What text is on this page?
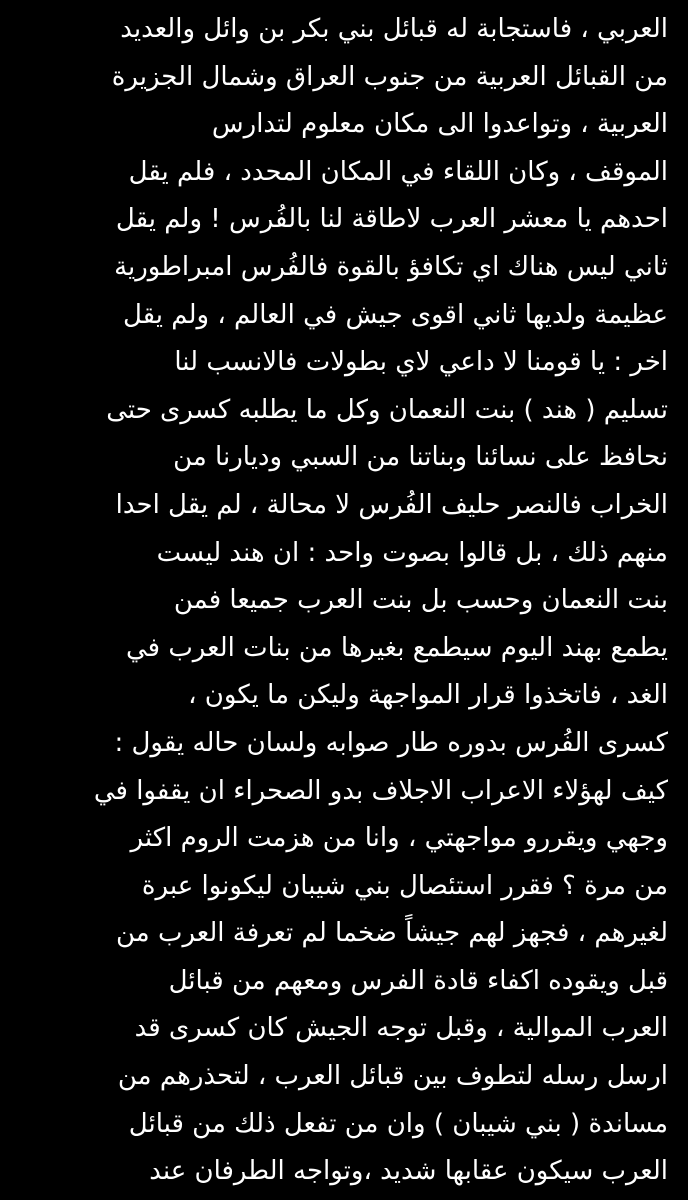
العربي ، فاستجابة له قبائل بني بكر بن وائل والعديد
من القبائل العربية من جنوب العراق وشمال الجزيرة
العربية ، وتواعدوا الى مكان معلوم لتدارس
الموقف ، وكان اللقاء في المكان المحدد ، فلم يقل
احدهم يا معشر العرب لاطاقة لنا بالفُرس ! ولم يقل
ثاني ليس هناك اي تكافؤ بالقوة فالفُرس امبراطورية
عظيمة ولديها ثاني اقوى جيش في العالم ، ولم يقل
اخر : يا قومنا لا داعي لاي بطولات فالانسب لنا
تسليم ( هند ) بنت النعمان وكل ما يطلبه كسرى حتى
نحافظ على نسائنا وبناتنا من السبي وديارنا من
الخراب فالنصر حليف الفُرس لا محالة ، لم يقل احدا
منهم ذلك ، بل قالوا بصوت واحد : ان هند ليست
بنت النعمان وحسب بل بنت العرب جميعا فمن
يطمع بهند اليوم سيطمع بغيرها من بنات العرب في
الغد ، فاتخذوا قرار المواجهة وليكن ما يكون ،
كسرى الفُرس بدوره طار صوابه ولسان حاله يقول :
كيف لهؤلاء الاعراب الاجلاف بدو الصحراء ان يقفوا في
وجهي ويقررو مواجهتي ، وانا من هزمت الروم اكثر
من مرة ؟ فقرر استئصال بني شيبان ليكونوا عبرة
لغيرهم ، فجهز لهم جيشاً ضخما لم تعرفة العرب من
قبل ويقوده اكفاء قادة الفرس ومعهم من قبائل
العرب الموالية ، وقبل توجه الجيش كان كسرى قد
ارسل رسله لتطوف بين قبائل العرب ، لتحذرهم من
مساندة ( بني شيبان ) وان من تفعل ذلك من قبائل
العرب سيكون عقابها شديد ،وتواجه الطرفان عند
